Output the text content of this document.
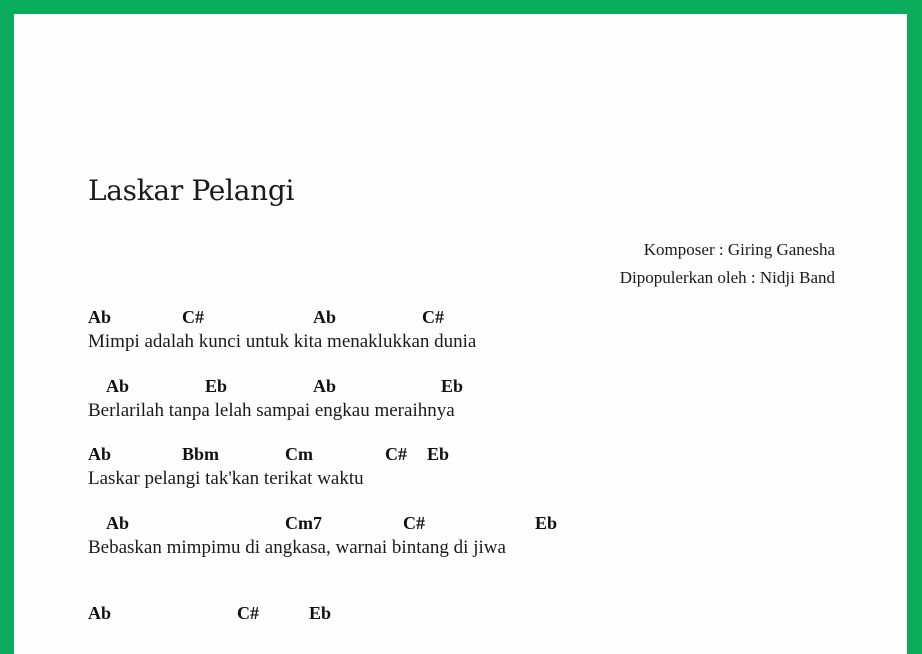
Laskar Pelangi
Komposer : Giring Ganesha
Dipopulerkan oleh : Nidji Band
Ab	C#	Ab	C#
Mimpi adalah kunci untuk kita menaklukkan dunia
Ab	Eb	Ab	Eb
Berlarilah tanpa lelah sampai engkau meraihnya
Ab	Bbm	Cm	C# Eb
Laskar pelangi tak'kan terikat waktu
Ab	Cm7	C#	Eb
Bebaskan mimpimu di angkasa, warnai bintang di jiwa
Ab	C#	Eb
